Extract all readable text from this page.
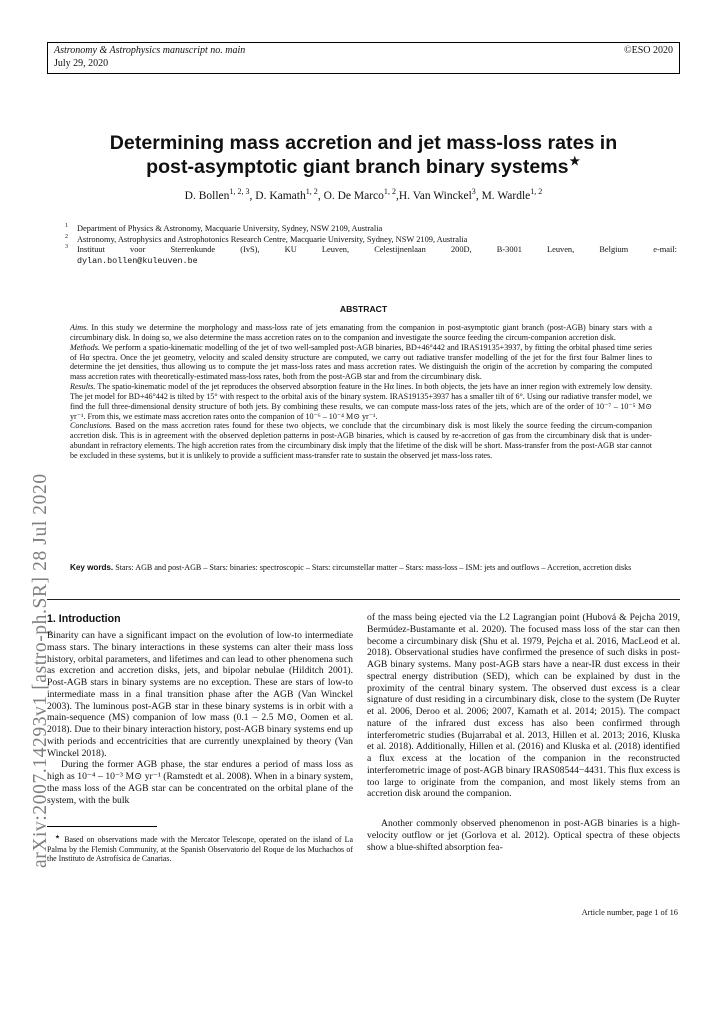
Astronomy & Astrophysics manuscript no. main
July 29, 2020
©ESO 2020
arXiv:2007.14293v1 [astro-ph.SR] 28 Jul 2020
Determining mass accretion and jet mass-loss rates in
post-asymptotic giant branch binary systems★
D. Bollen$^{1, 2, 3}$, D. Kamath$^{1, 2}$, O. De Marco$^{1, 2}$,H. Van Winckel$^3$, M. Wardle$^{1, 2}$
1 Department of Physics & Astronomy, Macquarie University, Sydney, NSW 2109, Australia
2 Astronomy, Astrophysics and Astrophotonics Research Centre, Macquarie University, Sydney, NSW 2109, Australia
3 Instituut voor Sterrenkunde (IvS), KU Leuven, Celestijnenlaan 200D, B-3001 Leuven, Belgium e-mail:
dylan.bollen@kuleuven.be
ABSTRACT

Aims. In this study we determine the morphology and mass-loss rate of jets emanating from the companion in post-asymptotic giant branch (post-AGB) binary stars with a circumbinary disk. In doing so, we also determine the mass accretion rates on to the companion and investigate the source feeding the circum-companion accretion disk.

Methods. We perform a spatio-kinematic modelling of the jet of two well-sampled post-AGB binaries, BD+46°442 and IRAS19135+3937, by fitting the orbital phased time series of Hα spectra. Once the jet geometry, velocity and scaled density structure are computed, we carry out radiative transfer modelling of the jet for the first four Balmer lines to determine the jet densities, thus allowing us to compute the jet mass-loss rates and mass accretion rates. We distinguish the origin of the accretion by comparing the computed mass accretion rates with theoretically-estimated mass-loss rates, both from the post-AGB star and from the circumbinary disk.

Results. The spatio-kinematic model of the jet reproduces the observed absorption feature in the Hα lines. In both objects, the jets have an inner region with extremely low density. The jet model for BD+46°442 is tilted by 15° with respect to the orbital axis of the binary system. IRAS19135+3937 has a smaller tilt of 6°. Using our radiative transfer model, we find the full three-dimensional density structure of both jets. By combining these results, we can compute mass-loss rates of the jets, which are of the order of 10⁻⁷ – 10⁻⁵ M⊙ yr⁻¹. From this, we estimate mass accretion rates onto the companion of 10⁻⁶ – 10⁻⁴ M⊙ yr⁻¹.

Conclusions. Based on the mass accretion rates found for these two objects, we conclude that the circumbinary disk is most likely the source feeding the circum-companion accretion disk. This is in agreement with the observed depletion patterns in post-AGB binaries, which is caused by re-accretion of gas from the circumbinary disk that is under-abundant in refractory elements. The high accretion rates from the circumbinary disk imply that the lifetime of the disk will be short. Mass-transfer from the post-AGB star cannot be excluded in these systems, but it is unlikely to provide a sufficient mass-transfer rate to sustain the observed jet mass-loss rates.

Key words. Stars: AGB and post-AGB – Stars: binaries: spectroscopic – Stars: circumstellar matter – Stars: mass-loss – ISM: jets and outflows – Accretion, accretion disks
1. Introduction

Binarity can have a significant impact on the evolution of low-to intermediate mass stars. The binary interactions in these systems can alter their mass loss history, orbital parameters, and lifetimes and can lead to other phenomena such as excretion and accretion disks, jets, and bipolar nebulae (Hilditch 2001). Post-AGB stars in binary systems are no exception. These are stars of low-to intermediate mass in a final transition phase after the AGB (Van Winckel 2003). The luminous post-AGB star in these binary systems is in orbit with a main-sequence (MS) companion of low mass (0.1 – 2.5 M⊙, Oomen et al. 2018). Due to their binary interaction history, post-AGB binary systems end up with periods and eccentricities that are currently unexplained by theory (Van Winckel 2018).

During the former AGB phase, the star endures a period of mass loss as high as 10⁻⁴ – 10⁻³ M⊙ yr⁻¹ (Ramstedt et al. 2008). When in a binary system, the mass loss of the AGB star can be concentrated on the orbital plane of the system, with the bulk

★ Based on observations made with the Mercator Telescope, operated on the island of La Palma by the Flemish Community, at the Spanish Observatorio del Roque de los Muchachos of the Instituto de Astrofísica de Canarias.

of the mass being ejected via the L2 Lagrangian point (Hubová & Pejcha 2019, Bermúdez-Bustamante et al. 2020). The focused mass loss of the star can then become a circumbinary disk (Shu et al. 1979, Pejcha et al. 2016, MacLeod et al. 2018). Observational studies have confirmed the presence of such disks in post-AGB binary systems. Many post-AGB stars have a near-IR dust excess in their spectral energy distribution (SED), which can be explained by dust in the proximity of the central binary system. The observed dust excess is a clear signature of dust residing in a circumbinary disk, close to the system (De Ruyter et al. 2006, Deroo et al. 2006; 2007, Kamath et al. 2014; 2015). The compact nature of the infrared dust excess has also been confirmed through interferometric studies (Bujarrabal et al. 2013, Hillen et al. 2013; 2016, Kluska et al. 2018). Additionally, Hillen et al. (2016) and Kluska et al. (2018) identified a flux excess at the location of the companion in the reconstructed interferometric image of post-AGB binary IRAS08544−4431. This flux excess is too large to originate from the companion, and most likely stems from an accretion disk around the companion.

Another commonly observed phenomenon in post-AGB binaries is a high-velocity outflow or jet (Gorlova et al. 2012). Optical spectra of these objects show a blue-shifted absorption fea-

Article number, page 1 of 16
